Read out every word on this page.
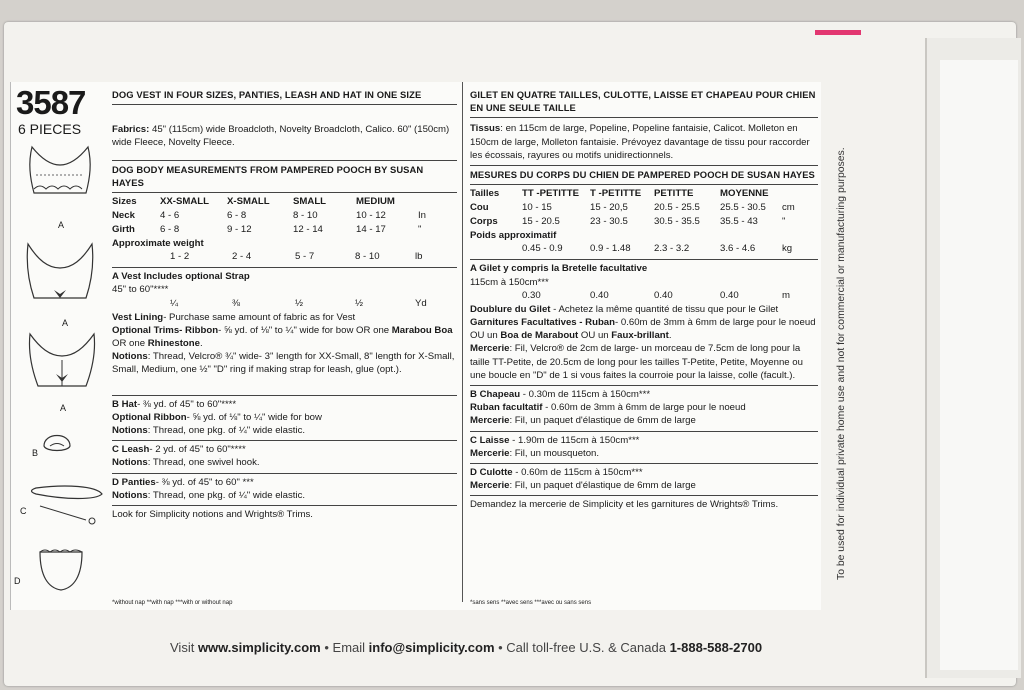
3587
6 PIECES
A
A
A
B
C
D
DOG VEST IN FOUR SIZES, PANTIES, LEASH AND HAT IN ONE SIZE
Fabrics: 45" (115cm) wide Broadcloth, Novelty Broadcloth, Calico. 60" (150cm) wide Fleece, Novelty Fleece.
DOG BODY MEASUREMENTS FROM PAMPERED POOCH BY SUSAN HAYES
Sizes	XX-SMALL	X-SMALL	SMALL	MEDIUM	
Neck	4 - 6	6 - 8	8 - 10	10 - 12	In
Girth	6 - 8	9 - 12	12 - 14	14 - 17	"
Approximate weight
	1 - 2	2 - 4	5 - 7	8 - 10	lb
A Vest Includes optional Strap
45" to 60"****
	¼	⅜	½	½	Yd
Vest Lining- Purchase same amount of fabric as for Vest
Optional Trims- Ribbon- ⅝ yd. of ⅛" to ¼" wide for bow OR one Marabou Boa OR one Rhinestone.
Notions: Thread, Velcro® ¾" wide- 3" length for XX-Small, 8" length for X-Small, Small, Medium, one ½" "D" ring if making strap for leash, glue (opt.).
B Hat- ⅜ yd. of 45" to 60"****
Optional Ribbon- ⅝ yd. of ⅛" to ¼" wide for bow
Notions: Thread, one pkg. of ¼" wide elastic.
C Leash- 2 yd. of 45" to 60"****
Notions: Thread, one swivel hook.
D Panties- ⅜ yd. of 45" to 60" ***
Notions: Thread, one pkg. of ¼" wide elastic.
Look for Simplicity notions and Wrights® Trims.
*without nap **with nap ***with or without nap
GILET EN QUATRE TAILLES, CULOTTE, LAISSE ET CHAPEAU POUR CHIEN EN UNE SEULE TAILLE
Tissus: en 115cm de large, Popeline, Popeline fantaisie, Calicot. Molleton en 150cm de large, Molleton fantaisie. Prévoyez davantage de tissu pour raccorder les écossais, rayures ou motifs unidirectionnels.
MESURES DU CORPS DU CHIEN DE PAMPERED POOCH DE SUSAN HAYES
Tailles	TT -PETITTE	T -PETITTE	PETITTE	MOYENNE	
Cou	10 - 15	15 - 20,5	20.5 - 25.5	25.5 - 30.5	cm
Corps	15 - 20.5	23 - 30.5	30.5 - 35.5	35.5 - 43	"
Poids approximatif
	0.45 - 0.9	0.9 - 1.48	2.3 - 3.2	3.6 - 4.6	kg
A Gilet y compris la Bretelle facultative
115cm à 150cm***
	0.30	0.40	0.40	0.40	m
Doublure du Gilet - Achetez la même quantité de tissu que pour le Gilet
Garnitures Facultatives - Ruban- 0.60m de 3mm à 6mm de large pour le noeud OU un Boa de Marabout OU un Faux-brillant.
Mercerie: Fil, Velcro® de 2cm de large- un morceau de 7.5cm de long pour la taille TT-Petite, de 20.5cm de long pour les tailles T-Petite, Petite, Moyenne ou une boucle en "D" de 1 si vous faites la courroie pour la laisse, colle (facult.).
B Chapeau - 0.30m de 115cm à 150cm***
Ruban facultatif - 0.60m de 3mm à 6mm de large pour le noeud
Mercerie: Fil, un paquet d'élastique de 6mm de large
C Laisse - 1.90m de 115cm à 150cm***
Mercerie: Fil, un mousqueton.
D Culotte - 0.60m de 115cm à 150cm***
Mercerie: Fil, un paquet d'élastique de 6mm de large
Demandez la mercerie de Simplicity et les garnitures de Wrights® Trims.
*sans sens **avec sens ***avec ou sans sens
To be used for individual private home use and not for commercial or manufacturing purposes.
Visit www.simplicity.com • Email info@simplicity.com • Call toll-free U.S. & Canada 1-888-588-2700
